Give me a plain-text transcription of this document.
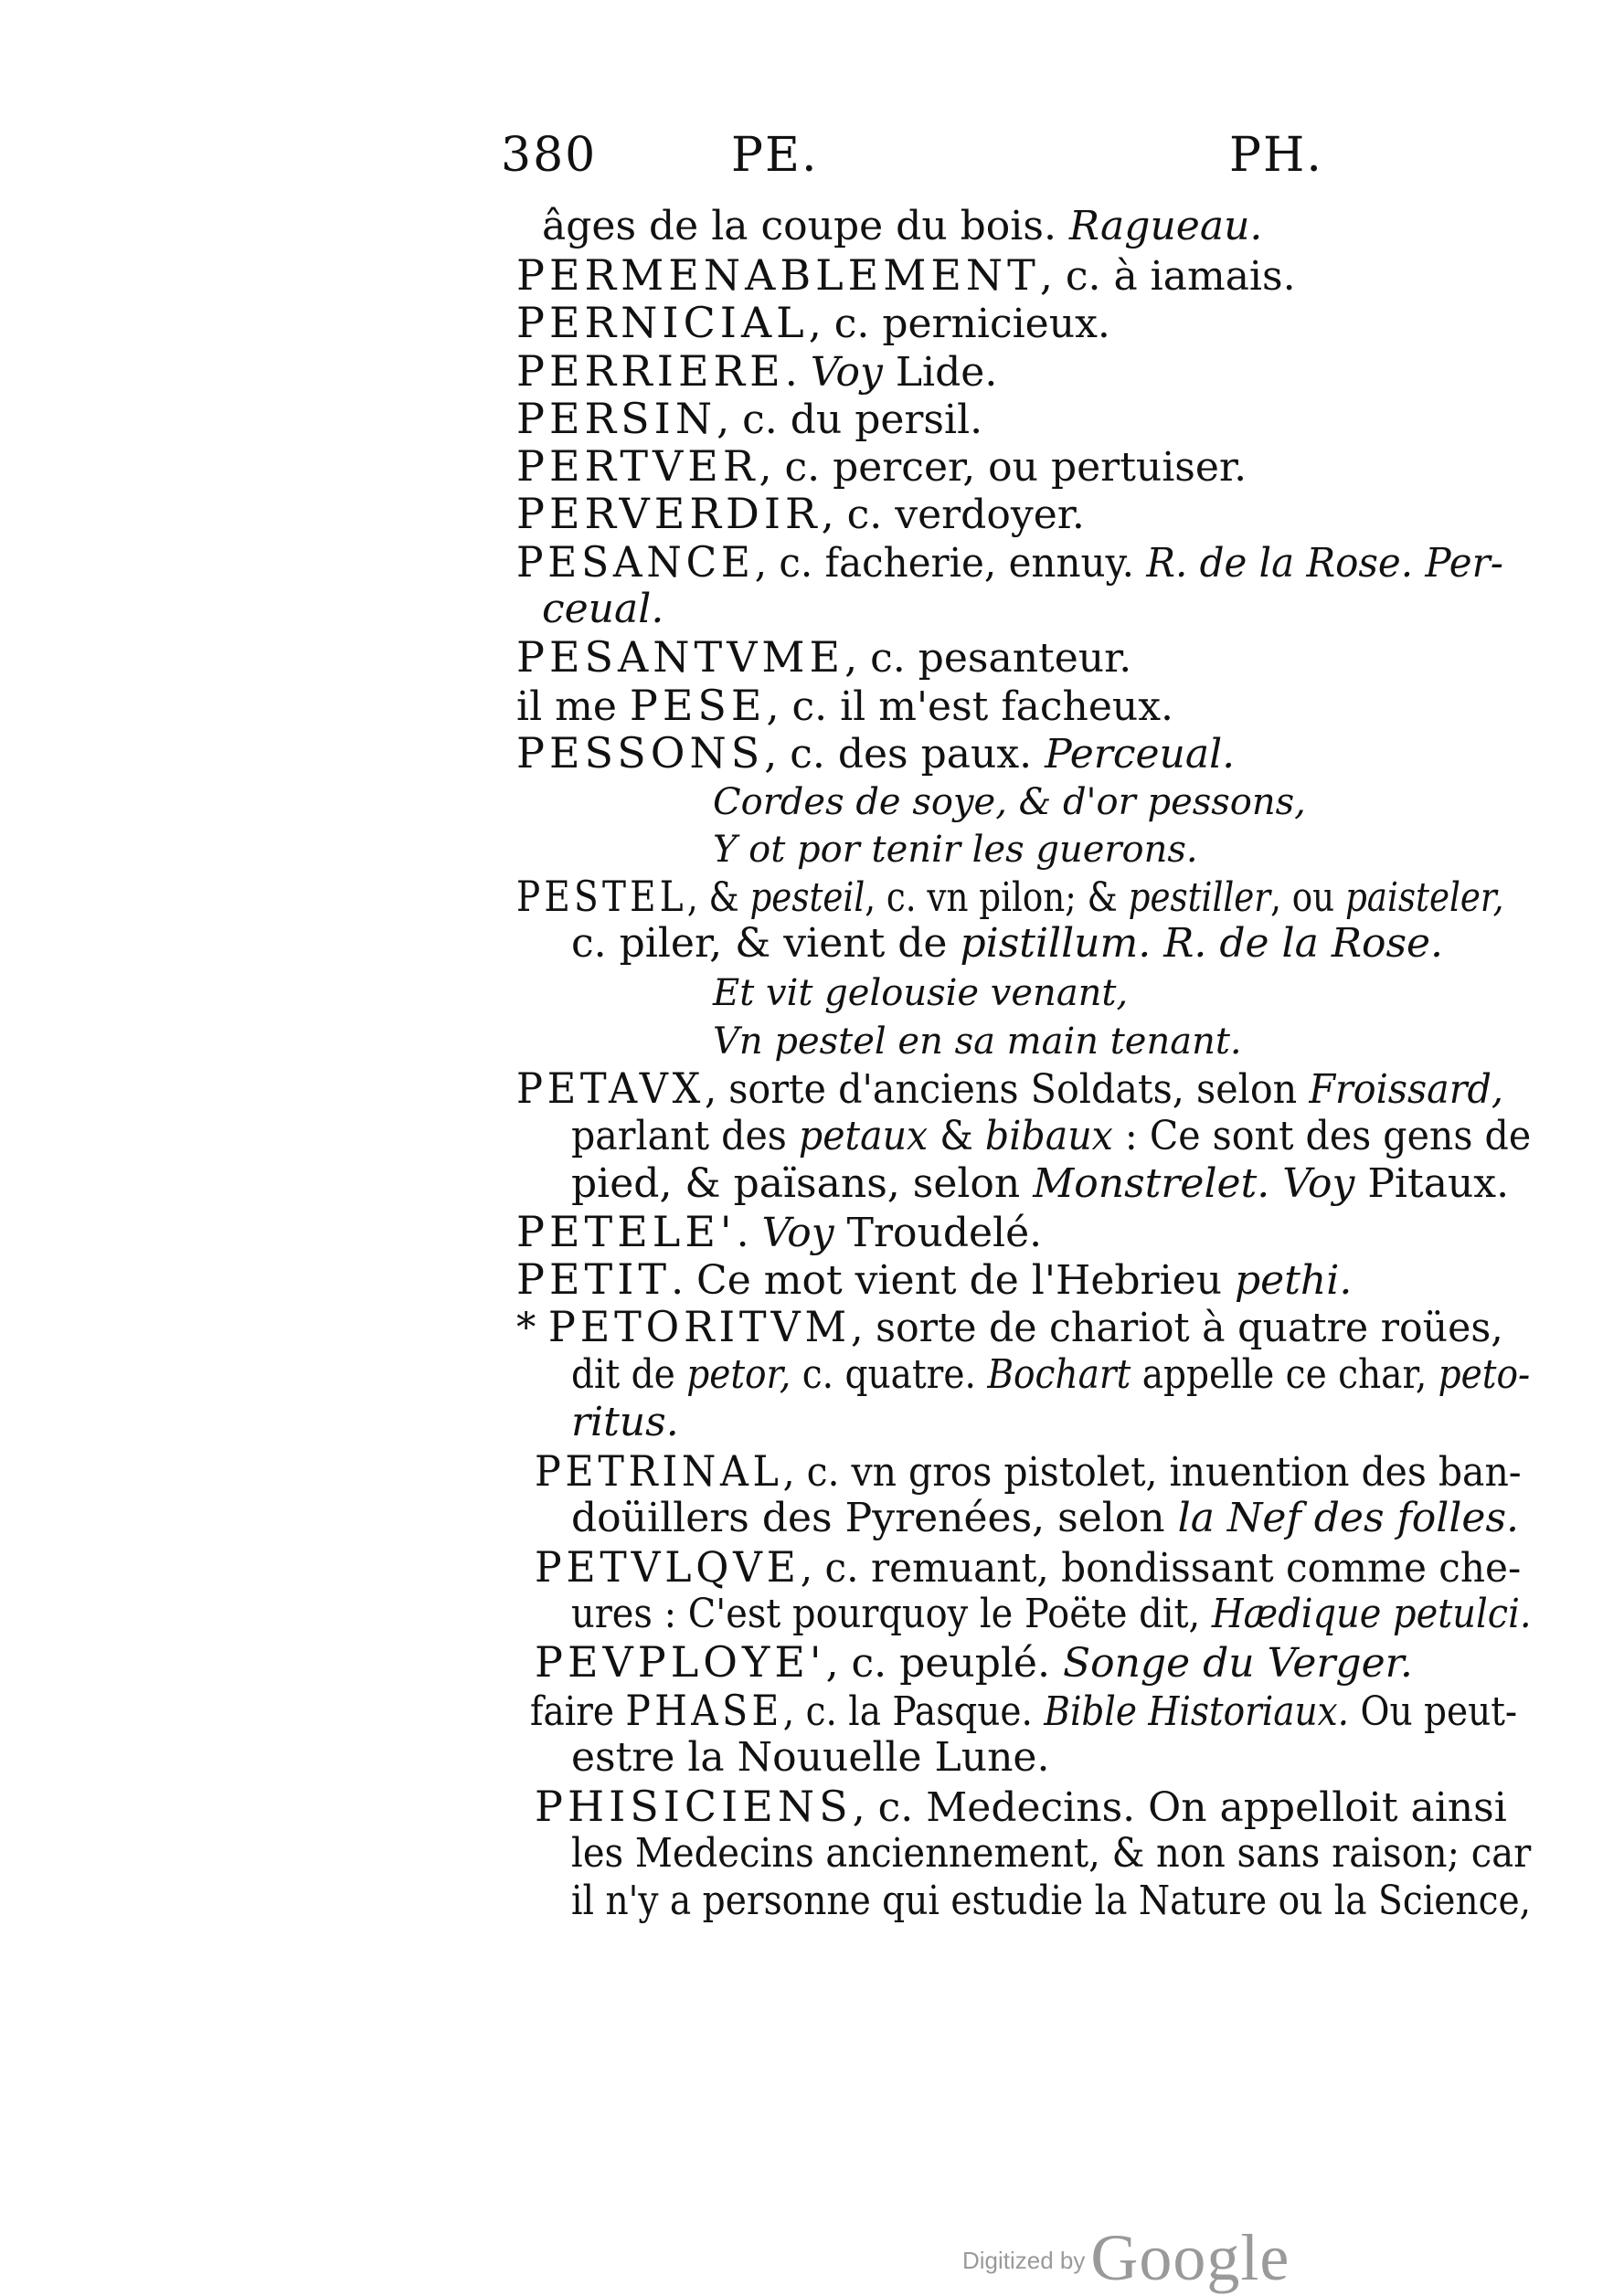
380	PE.	PH.
âges de la coupe du bois. Ragueau.
PERMENABLEMENT, c. à iamais.
PERNICIAL, c. pernicieux.
PERRIERE. Voy Lide.
PERSIN, c. du persil.
PERTVER, c. percer, ou pertuiser.
PERVERDIR, c. verdoyer.
PESANCE, c. facherie, ennuy. R. de la Rose. Per-
ceual.
PESANTVME, c. pesanteur.
il me PESE, c. il m'est facheux.
PESSONS, c. des paux. Perceual.
Cordes de soye, & d'or pessons,
Y ot por tenir les guerons.
PESTEL, & pesteil, c. vn pilon; & pestiller, ou paisteler,
c. piler, & vient de pistillum. R. de la Rose.
Et vit gelousie venant,
Vn pestel en sa main tenant.
PETAVX, sorte d'anciens Soldats, selon Froissard,
parlant des petaux & bibaux : Ce sont des gens de
pied, & païsans, selon Monstrelet. Voy Pitaux.
PETELE'. Voy Troudelé.
PETIT. Ce mot vient de l'Hebrieu pethi.
* PETORITVM, sorte de chariot à quatre roües,
dit de petor, c. quatre. Bochart appelle ce char, peto-
ritus.
PETRINAL, c. vn gros pistolet, inuention des ban-
doüillers des Pyrenées, selon la Nef des folles.
PETVLQVE, c. remuant, bondissant comme che-
ures : C'est pourquoy le Poëte dit, Hædique petulci.
PEVPLOYE', c. peuplé. Songe du Verger.
faire PHASE, c. la Pasque. Bible Historiaux. Ou peut-
estre la Nouuelle Lune.
PHISICIENS, c. Medecins. On appelloit ainsi
les Medecins anciennement, & non sans raison; car
il n'y a personne qui estudie la Nature ou la Science,
Digitized byGoogle
